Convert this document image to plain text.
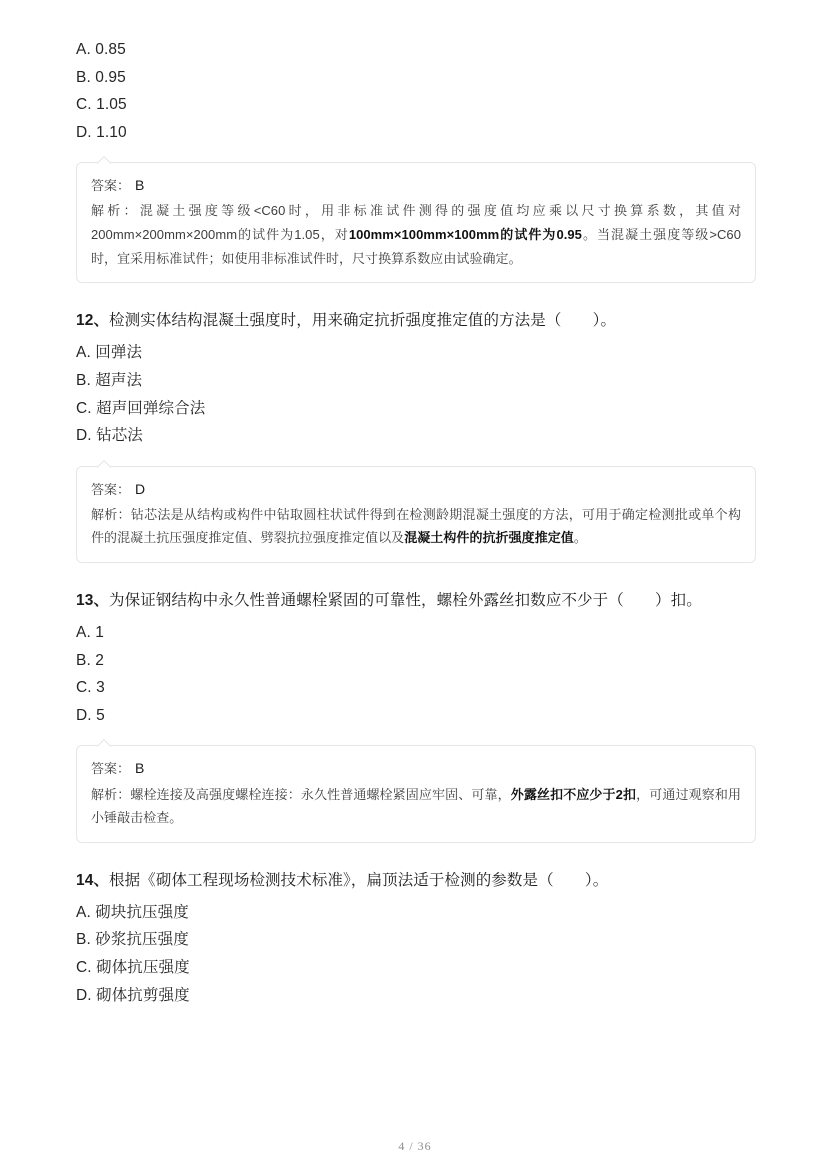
A. 0.85

B. 0.95

C. 1.05

D. 1.10

答案： B

解析：混凝土强度等级<C60时，用非标准试件测得的强度值均应乘以尺寸换算系数，其值对200mm×200mm×200mm的试件为1.05，对100mm×100mm×100mm的试件为0.95。当混凝土强度等级>C60时，宜采用标准试件；如使用非标准试件时，尺寸换算系数应由试验确定。

12、检测实体结构混凝土强度时，用来确定抗折强度推定值的方法是（　　）。

A. 回弹法

B. 超声法

C. 超声回弹综合法

D. 钻芯法

答案： D

解析：钻芯法是从结构或构件中钻取圆柱状试件得到在检测龄期混凝土强度的方法，可用于确定检测批或单个构件的混凝土抗压强度推定值、劈裂抗拉强度推定值以及混凝土构件的抗折强度推定值。

13、为保证钢结构中永久性普通螺栓紧固的可靠性，螺栓外露丝扣数应不少于（　　）扣。

A. 1

B. 2

C. 3

D. 5

答案： B

解析：螺栓连接及高强度螺栓连接：永久性普通螺栓紧固应牢固、可靠，外露丝扣不应少于2扣，可通过观察和用小锤敲击检查。

14、根据《砌体工程现场检测技术标准》，扁顶法适于检测的参数是（　　）。

A. 砌块抗压强度

B. 砂浆抗压强度

C. 砌体抗压强度

D. 砌体抗剪强度

4 / 36
